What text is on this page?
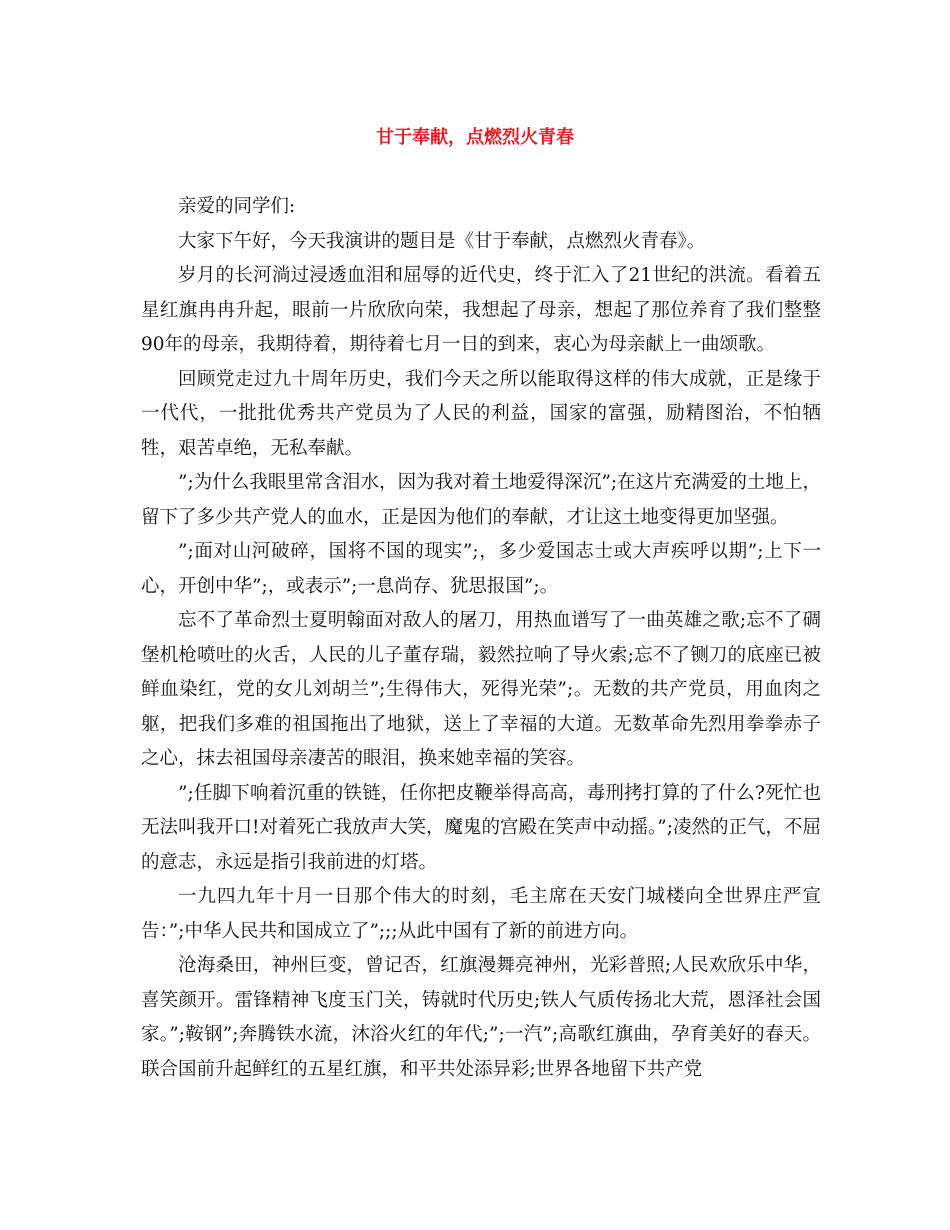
甘于奉献，点燃烈火青春

亲爱的同学们:

大家下午好，今天我演讲的题目是《甘于奉献，点燃烈火青春》。

岁月的长河淌过浸透血泪和屈辱的近代史，终于汇入了21世纪的洪流。看着五星红旗冉冉升起，眼前一片欣欣向荣，我想起了母亲，想起了那位养育了我们整整90年的母亲，我期待着，期待着七月一日的到来，衷心为母亲献上一曲颂歌。

回顾党走过九十周年历史，我们今天之所以能取得这样的伟大成就，正是缘于一代代，一批批优秀共产党员为了人民的利益，国家的富强，励精图治，不怕牺牲，艰苦卓绝，无私奉献。

”;为什么我眼里常含泪水，因为我对着土地爱得深沉”;在这片充满爱的土地上，留下了多少共产党人的血水，正是因为他们的奉献，才让这土地变得更加坚强。

”;面对山河破碎，国将不国的现实”;，多少爱国志士或大声疾呼以期”;上下一心，开创中华”;，或表示”;一息尚存、犹思报国”;。

忘不了革命烈士夏明翰面对敌人的屠刀，用热血谱写了一曲英雄之歌;忘不了碉堡机枪喷吐的火舌，人民的儿子董存瑞，毅然拉响了导火索;忘不了铡刀的底座已被鲜血染红，党的女儿刘胡兰”;生得伟大，死得光荣”;。无数的共产党员，用血肉之躯，把我们多难的祖国拖出了地狱，送上了幸福的大道。无数革命先烈用拳拳赤子之心，抹去祖国母亲凄苦的眼泪，换来她幸福的笑容。

”;任脚下响着沉重的铁链，任你把皮鞭举得高高，毒刑拷打算的了什么?死忙也无法叫我开口!对着死亡我放声大笑，魔鬼的宫殿在笑声中动摇。”;凌然的正气，不屈的意志，永远是指引我前进的灯塔。

一九四九年十月一日那个伟大的时刻，毛主席在天安门城楼向全世界庄严宣告：”;中华人民共和国成立了”;;;从此中国有了新的前进方向。

沧海桑田，神州巨变，曾记否，红旗漫舞亮神州，光彩普照;人民欢欣乐中华，喜笑颜开。雷锋精神飞度玉门关，铸就时代历史;铁人气质传扬北大荒，恩泽社会国家。”;鞍钢”;奔腾铁水流，沐浴火红的年代;”;一汽”;高歌红旗曲，孕育美好的春天。联合国前升起鲜红的五星红旗，和平共处添异彩;世界各地留下共产党
